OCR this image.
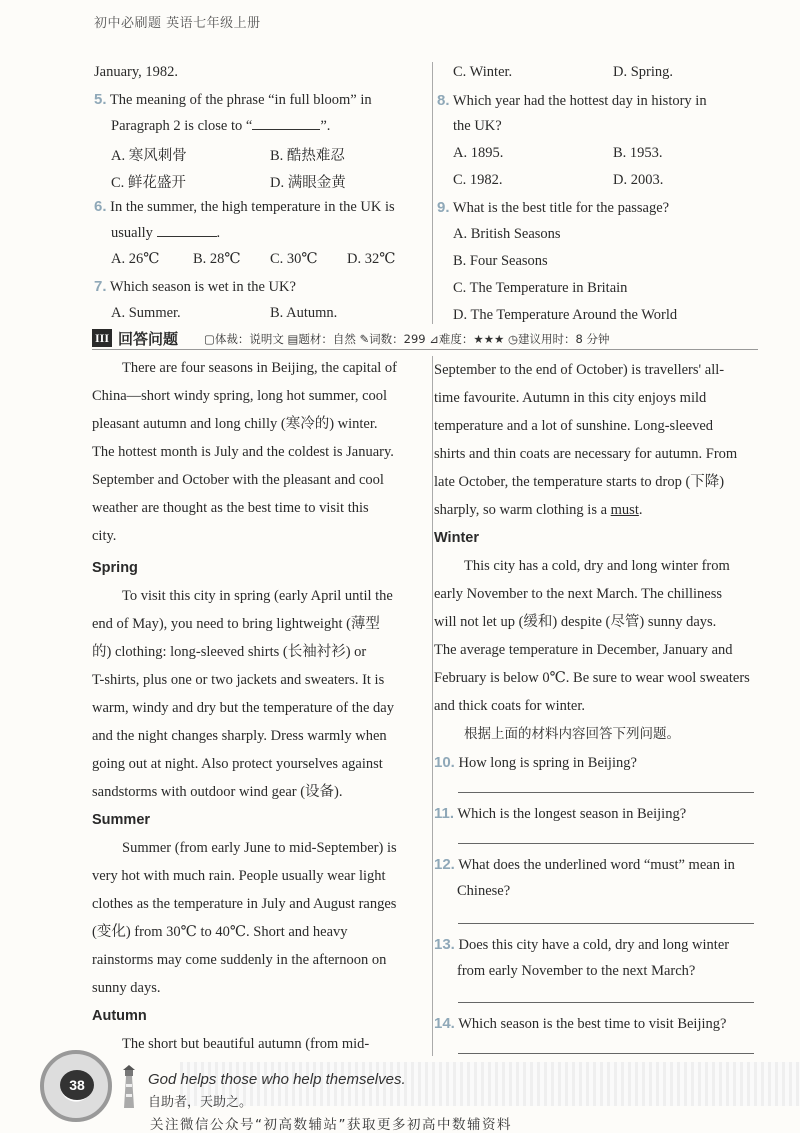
初中必刷题 英语七年级上册
January, 1982.
5. The meaning of the phrase “in full bloom” in
Paragraph 2 is close to “	”.
A. 寒风刺骨	B. 酷热难忍
C. 鲜花盛开	D. 满眼金黄
6. In the summer, the high temperature in the UK is
usually	.
A. 26℃ B. 28℃ C. 30℃ D. 32℃
7. Which season is wet in the UK?
A. Summer.	B. Autumn.
C. Winter.	D. Spring.
8. Which year had the hottest day in history in
the UK?
A. 1895.	B. 1953.
C. 1982.	D. 2003.
9. What is the best title for the passage?
A. British Seasons
B. Four Seasons
C. The Temperature in Britain
D. The Temperature Around the World
III 回答问题 ▢体裁：说明文 ▤题材：自然 ✎词数：299 ⊿难度：★★★ ◷建议用时：8 分钟
There are four seasons in Beijing, the capital of
China—short windy spring, long hot summer, cool
pleasant autumn and long chilly (寒冷的) winter.
The hottest month is July and the coldest is January.
September and October with the pleasant and cool
weather are thought as the best time to visit this
city.
Spring
To visit this city in spring (early April until the
end of May), you need to bring lightweight (薄型
的) clothing: long-sleeved shirts (长袖衬衫) or
T-shirts, plus one or two jackets and sweaters. It is
warm, windy and dry but the temperature of the day
and the night changes sharply. Dress warmly when
going out at night. Also protect yourselves against
sandstorms with outdoor wind gear (设备).
Summer
Summer (from early June to mid-September) is
very hot with much rain. People usually wear light
clothes as the temperature in July and August ranges
(变化) from 30℃ to 40℃. Short and heavy
rainstorms may come suddenly in the afternoon on
sunny days.
Autumn
The short but beautiful autumn (from mid-
September to the end of October) is travellers' all-
time favourite. Autumn in this city enjoys mild
temperature and a lot of sunshine. Long-sleeved
shirts and thin coats are necessary for autumn. From
late October, the temperature starts to drop (下降)
sharply, so warm clothing is a must.
Winter
This city has a cold, dry and long winter from
early November to the next March. The chilliness
will not let up (缓和) despite (尽管) sunny days.
The average temperature in December, January and
February is below 0℃. Be sure to wear wool sweaters
and thick coats for winter.
根据上面的材料内容回答下列问题。
10. How long is spring in Beijing?
11. Which is the longest season in Beijing?
12. What does the underlined word “must” mean in
Chinese?
13. Does this city have a cold, dry and long winter
from early November to the next March?
14. Which season is the best time to visit Beijing?
38	God helps those who help themselves.
自助者，天助之。
关注微信公众号“初高数辅站”获取更多初高中数辅资料
